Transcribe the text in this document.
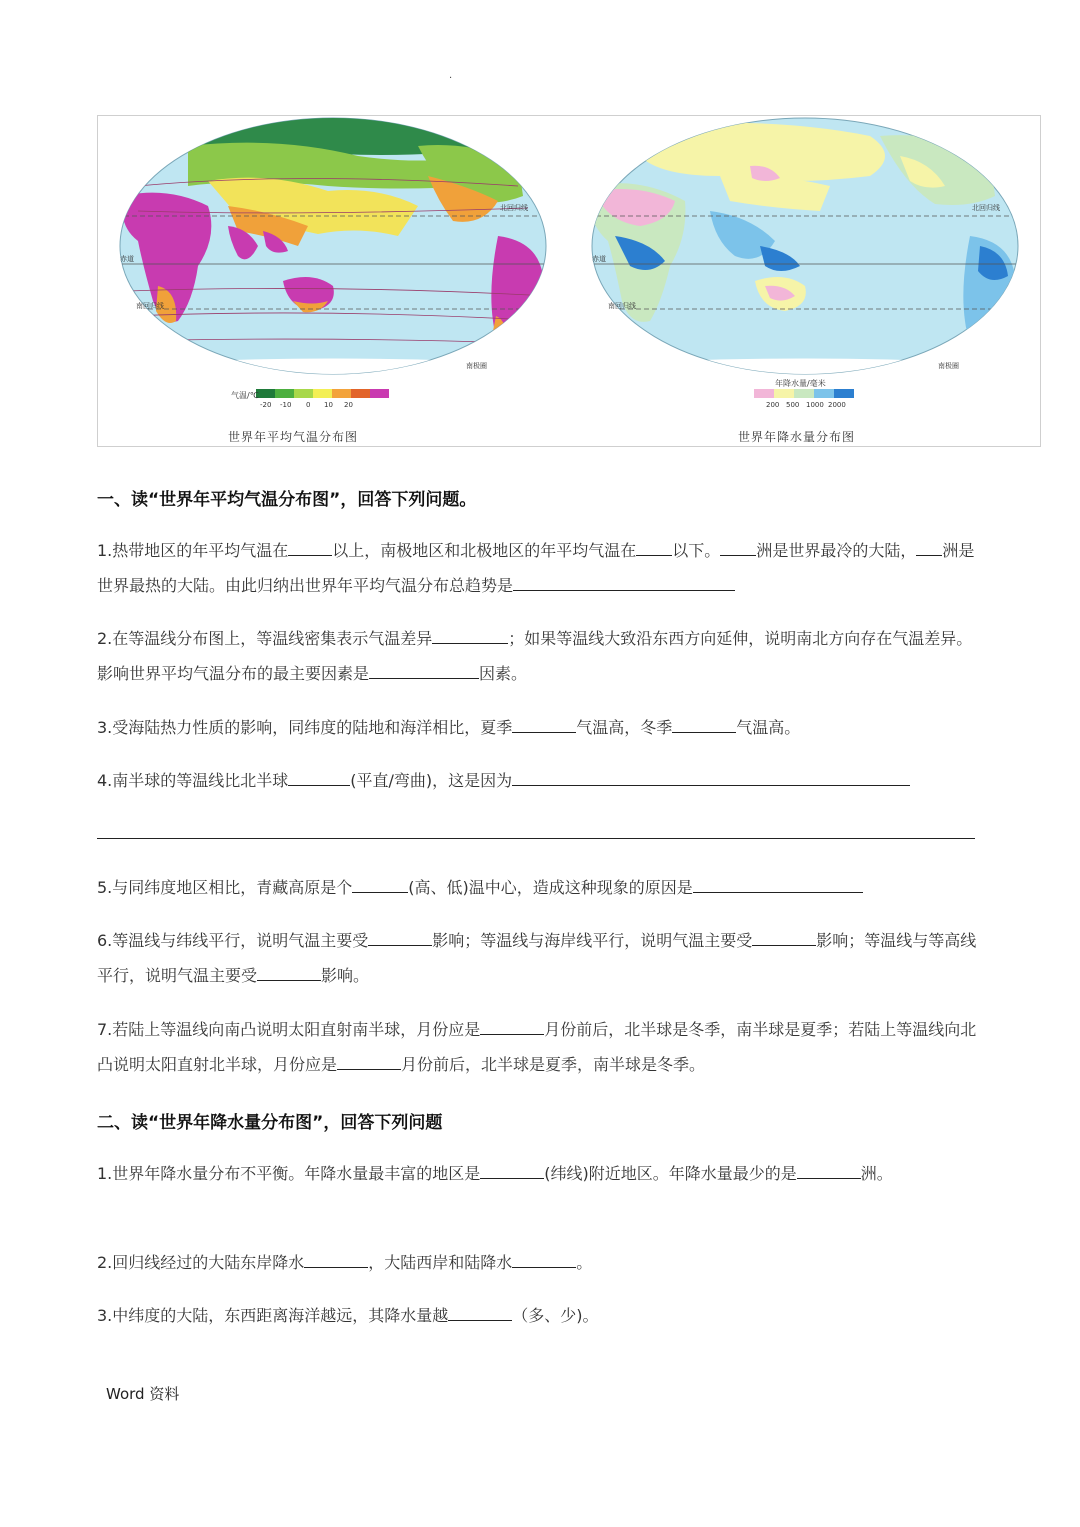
.
北回归线
赤道
南回归线
南极圈
气温/℃
-20 -10 0 10 20
世界年平均气温分布图
北回归线
赤道
南回归线
南极圈
年降水量/毫米
200 500 1000 2000
世界年降水量分布图
一、读“世界年平均气温分布图”，回答下列问题。
1.热带地区的年平均气温在	以上，南极地区和北极地区的年平均气温在 以下。 洲是世界最冷的大陆， 洲是世界最热的大陆。由此归纳出世界年平均气温分布总趋势是
2.在等温线分布图上，等温线密集表示气温差异	；如果等温线大致沿东西方向延伸，说明南北方向存在气温差异。影响世界平均气温分布的最主要因素是	因素。
3.受海陆热力性质的影响，同纬度的陆地和海洋相比，夏季	气温高，冬季	气温高。
4.南半球的等温线比北半球	(平直/弯曲)，这是因为
5.与同纬度地区相比，青藏高原是个	(高、低)温中心，造成这种现象的原因是
6.等温线与纬线平行，说明气温主要受	影响；等温线与海岸线平行，说明气温主要受	影响；等温线与等高线平行，说明气温主要受	影响。
7.若陆上等温线向南凸说明太阳直射南半球，月份应是	月份前后，北半球是冬季，南半球是夏季；若陆上等温线向北凸说明太阳直射北半球，月份应是	月份前后，北半球是夏季，南半球是冬季。
二、读“世界年降水量分布图”，回答下列问题
1.世界年降水量分布不平衡。年降水量最丰富的地区是	(纬线)附近地区。年降水量最少的是	洲。
2.回归线经过的大陆东岸降水	，大陆西岸和陆降水	。
3.中纬度的大陆，东西距离海洋越远，其降水量越	（多、少)。
Word 资料
